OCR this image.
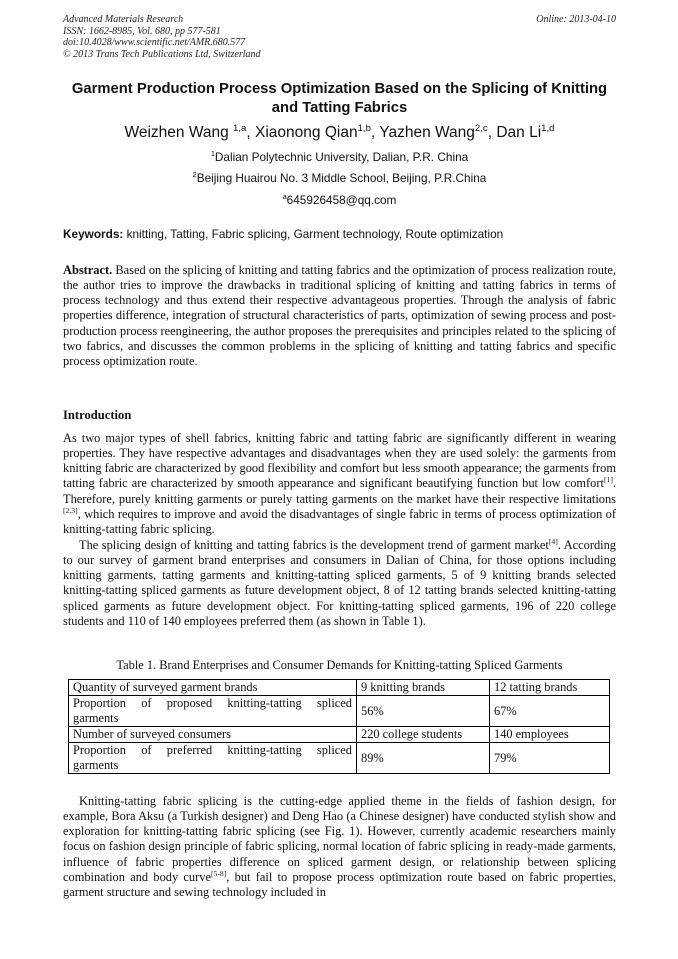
Advanced Materials Research
ISSN: 1662-8985, Vol. 680, pp 577-581
doi:10.4028/www.scientific.net/AMR.680.577
© 2013 Trans Tech Publications Ltd, Switzerland
Online: 2013-04-10
Garment Production Process Optimization Based on the Splicing of Knitting and Tatting Fabrics
Weizhen Wang $^{1,a}$, Xiaonong Qian$^{1,b}$, Yazhen Wang$^{2,c}$, Dan Li$^{1,d}$
$^1$Dalian Polytechnic University, Dalian, P.R. China
$^2$Beijing Huairou No. 3 Middle School, Beijing, P.R.China
$^a$645926458@qq.com
Keywords: knitting, Tatting, Fabric splicing, Garment technology, Route optimization
Abstract. Based on the splicing of knitting and tatting fabrics and the optimization of process realization route, the author tries to improve the drawbacks in traditional splicing of knitting and tatting fabrics in terms of process technology and thus extend their respective advantageous properties. Through the analysis of fabric properties difference, integration of structural characteristics of parts, optimization of sewing process and post-production process reengineering, the author proposes the prerequisites and principles related to the splicing of two fabrics, and discusses the common problems in the splicing of knitting and tatting fabrics and specific process optimization route.
Introduction

As two major types of shell fabrics, knitting fabric and tatting fabric are significantly different in wearing properties. They have respective advantages and disadvantages when they are used solely: the garments from knitting fabric are characterized by good flexibility and comfort but less smooth appearance; the garments from tatting fabric are characterized by smooth appearance and significant beautifying function but low comfort[1]. Therefore, purely knitting garments or purely tatting garments on the market have their respective limitations [2,3], which requires to improve and avoid the disadvantages of single fabric in terms of process optimization of knitting-tatting fabric splicing.

The splicing design of knitting and tatting fabrics is the development trend of garment market[4]. According to our survey of garment brand enterprises and consumers in Dalian of China, for those options including knitting garments, tatting garments and knitting-tatting spliced garments, 5 of 9 knitting brands selected knitting-tatting spliced garments as future development object, 8 of 12 tatting brands selected knitting-tatting spliced garments as future development object. For knitting-tatting spliced garments, 196 of 220 college students and 110 of 140 employees preferred them (as shown in Table 1).

Table 1. Brand Enterprises and Consumer Demands for Knitting-tatting Spliced Garments
Quantity of surveyed garment brands	9 knitting brands	12 tatting brands
Proportion of proposed knitting-tatting spliced garments	56%	67%
Number of surveyed consumers	220 college students	140 employees
Proportion of preferred knitting-tatting spliced garments	89%	79%

Knitting-tatting fabric splicing is the cutting-edge applied theme in the fields of fashion design, for example, Bora Aksu (a Turkish designer) and Deng Hao (a Chinese designer) have conducted stylish show and exploration for knitting-tatting fabric splicing (see Fig. 1). However, currently academic researchers mainly focus on fashion design principle of fabric splicing, normal location of fabric splicing in ready-made garments, influence of fabric properties difference on spliced garment design, or relationship between splicing combination and body curve[5-8], but fail to propose process optimization route based on fabric properties, garment structure and sewing technology included in
